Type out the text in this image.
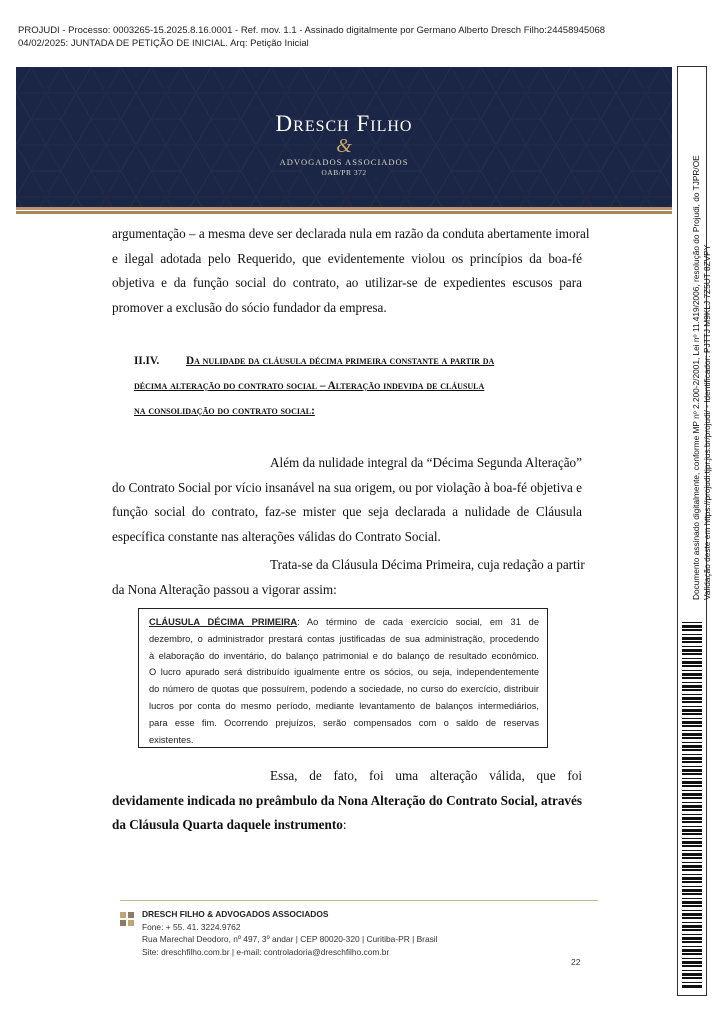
PROJUDI - Processo: 0003265-15.2025.8.16.0001 - Ref. mov. 1.1 - Assinado digitalmente por Germano Alberto Dresch Filho:24458945068
04/02/2025: JUNTADA DE PETIÇÃO DE INICIAL. Arq: Petição Inicial
Dresch Filho
&
ADVOGADOS ASSOCIADOS
OAB/PR 372
argumentação – a mesma deve ser declarada nula em razão da conduta abertamente imoral
e ilegal adotada pelo Requerido, que evidentemente violou os princípios da boa-fé
objetiva e da função social do contrato, ao utilizar-se de expedientes escusos para
promover a exclusão do sócio fundador da empresa.
II.IV. Da nulidade da cláusula décima primeira constante a partir da
décima alteração do contrato social – Alteração indevida de cláusula
na consolidação do contrato social:
Além da nulidade integral da “Décima Segunda Alteração”
do Contrato Social por vício insanável na sua origem, ou por violação à boa-fé objetiva e
função social do contrato, faz-se mister que seja declarada a nulidade de Cláusula
específica constante nas alterações válidas do Contrato Social.
Trata-se da Cláusula Décima Primeira, cuja redação a partir
da Nona Alteração passou a vigorar assim:
CLÁUSULA DÉCIMA PRIMEIRA: Ao término de cada exercício social, em 31 de
dezembro, o administrador prestará contas justificadas de sua administração, procedendo
à elaboração do inventário, do balanço patrimonial e do balanço de resultado econômico.
O lucro apurado será distribuído igualmente entre os sócios, ou seja, independentemente
do número de quotas que possuírem, podendo a sociedade, no curso do exercício, distribuir
lucros por conta do mesmo período, mediante levantamento de balanços intermediários,
para esse fim. Ocorrendo prejuízos, serão compensados com o saldo de reservas
existentes.
Essa, de fato, foi uma alteração válida, que foi
devidamente indicada no preâmbulo da Nona Alteração do Contrato Social, através
da Cláusula Quarta daquele instrumento:
DRESCH FILHO & ADVOGADOS ASSOCIADOS
Fone: + 55. 41. 3224.9762
Rua Marechal Deodoro, nº 497, 3º andar | CEP 80020-320 | Curitiba-PR | Brasil
Site: dreschfilho.com.br | e-mail: controladoria@dreschfilho.com.br
22
Documento assinado digitalmente, conforme MP nº 2.200-2/2001, Lei nº 11.419/2006, resolução do Projudi, do TJPR/OE Validação deste em https://projudi.tjpr.jus.br/projudi/ - Identificador: PJTTJ M9KLJ 7Z5UT 8ZVPY
